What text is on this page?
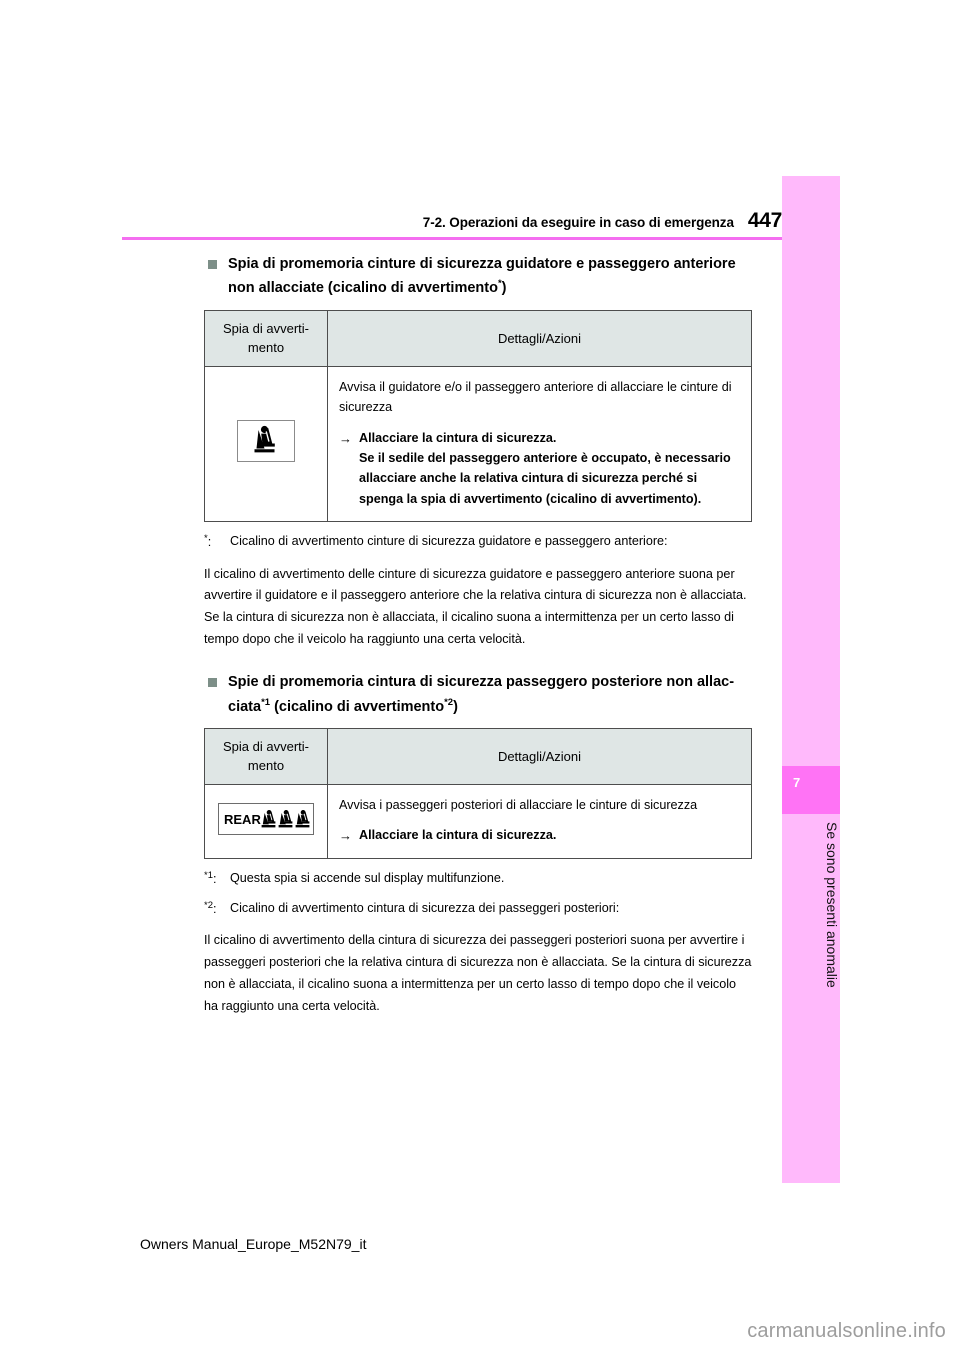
7
Se sono presenti anomalie
7-2. Operazioni da eseguire in caso di emergenza 447
Spia di promemoria cinture di sicurezza guidatore e passeggero anteriore
non allacciate (cicalino di avvertimento*)
Spia di avverti-
mento	Dettagli/Azioni

Avvisa il guidatore e/o il passeggero anteriore di allacciare le cinture di sicurezza

→ Allacciare la cintura di sicurezza.
Se il sedile del passeggero anteriore è occupato, è necessario allacciare anche la relativa cintura di sicurezza perché si spenga la spia di avvertimento (cicalino di avvertimento).
*:	Cicalino di avvertimento cinture di sicurezza guidatore e passeggero anteriore:
Il cicalino di avvertimento delle cinture di sicurezza guidatore e passeggero anteriore suona per avvertire il guidatore e il passeggero anteriore che la relativa cintura di sicurezza non è allacciata. Se la cintura di sicurezza non è allacciata, il cicalino suona a intermittenza per un certo lasso di tempo dopo che il veicolo ha raggiunto una certa velocità.
Spie di promemoria cintura di sicurezza passeggero posteriore non allac-
ciata$^{*1}$ (cicalino di avvertimento$^{*2}$)
Spia di avverti-
mento	Dettagli/Azioni

REAR	Avvisa i passeggeri posteriori di allacciare le cinture di sicurezza

→ Allacciare la cintura di sicurezza.
$^{*1}$:	Questa spia si accende sul display multifunzione.
$^{*2}$:	Cicalino di avvertimento cintura di sicurezza dei passeggeri posteriori:
Il cicalino di avvertimento della cintura di sicurezza dei passeggeri posteriori suona per avvertire i passeggeri posteriori che la relativa cintura di sicurezza non è allacciata. Se la cintura di sicurezza non è allacciata, il cicalino suona a intermittenza per un certo lasso di tempo dopo che il veicolo ha raggiunto una certa velocità.
Owners Manual_Europe_M52N79_it
carmanualsonline.info
